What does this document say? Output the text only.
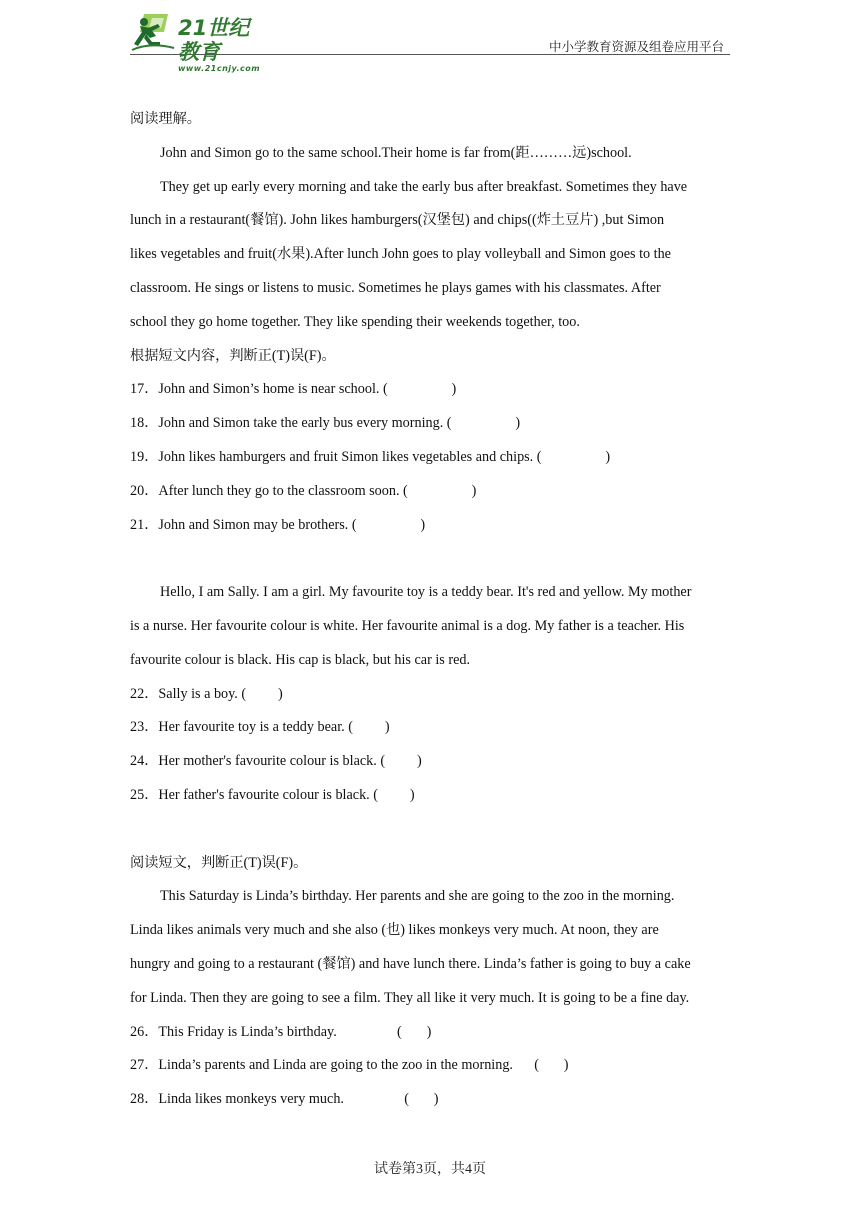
21世纪教育
www.21cnjy.com
中小学教育资源及组卷应用平台

阅读理解。

John and Simon go to the same school.Their home is far from(距………远)school.

They get up early every morning and take the early bus after breakfast. Sometimes they have

lunch in a restaurant(餐馆). John likes hamburgers(汉堡包) and chips((炸土豆片) ,but Simon

likes vegetables and fruit(水果).After lunch John goes to play volleyball and Simon goes to the

classroom. He sings or listens to music. Sometimes he plays games with his classmates. After

school they go home together. They like spending their weekends together, too.

根据短文内容，判断正(T)误(F)。

17．John and Simon’s home is near school. (                  )

18．John and Simon take the early bus every morning. (                  )

19．John likes hamburgers and fruit Simon likes vegetables and chips. (                  )

20．After lunch they go to the classroom soon. (                  )

21．John and Simon may be brothers. (                  )

Hello, I am Sally. I am a girl. My favourite toy is a teddy bear. It's red and yellow. My mother

is a nurse. Her favourite colour is white. Her favourite animal is a dog. My father is a teacher. His

favourite colour is black. His cap is black, but his car is red.

22．Sally is a boy. (         )

23．Her favourite toy is a teddy bear. (         )

24．Her mother's favourite colour is black. (         )

25．Her father's favourite colour is black. (         )

阅读短文，判断正(T)误(F)。

This Saturday is Linda’s birthday. Her parents and she are going to the zoo in the morning.

Linda likes animals very much and she also (也) likes monkeys very much. At noon, they are

hungry and going to a restaurant (餐馆) and have lunch there. Linda’s father is going to buy a cake

for Linda. Then they are going to see a film. They all like it very much. It is going to be a fine day.

26．This Friday is Linda’s birthday.                 (       )

27．Linda’s parents and Linda are going to the zoo in the morning.      (       )

28．Linda likes monkeys very much.                 (       )

试卷第3页，共4页
